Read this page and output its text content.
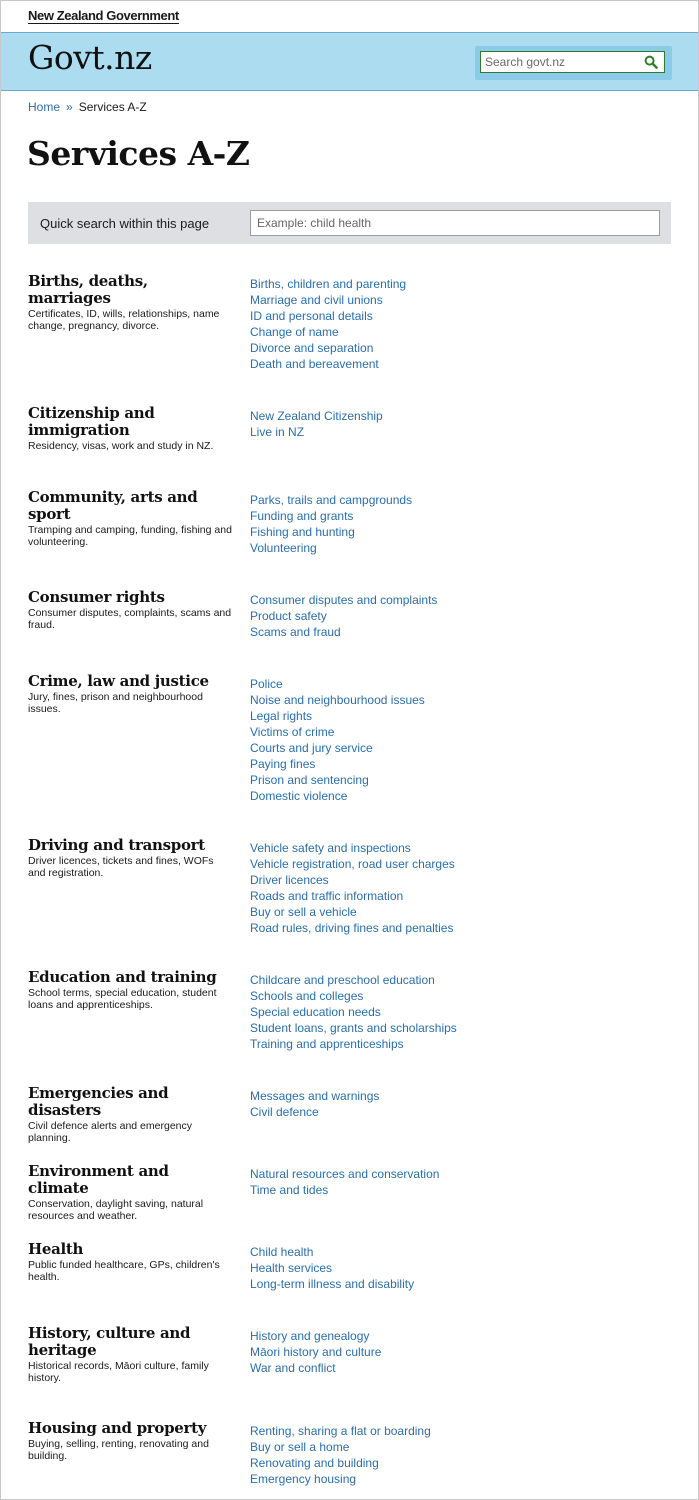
New Zealand Government
Govt.nz
Search govt.nz
Home » Services A-Z
Services A-Z
Quick search within this page
Example: child health
Births, deaths, marriages

Certificates, ID, wills, relationships, name change, pregnancy, divorce.

Births, children and parenting
Marriage and civil unions
ID and personal details
Change of name
Divorce and separation
Death and bereavement
Citizenship and immigration

Residency, visas, work and study in NZ.

New Zealand Citizenship
Live in NZ
Community, arts and sport

Tramping and camping, funding, fishing and volunteering.

Parks, trails and campgrounds
Funding and grants
Fishing and hunting
Volunteering
Consumer rights

Consumer disputes, complaints, scams and fraud.

Consumer disputes and complaints
Product safety
Scams and fraud
Crime, law and justice

Jury, fines, prison and neighbourhood issues.

Police
Noise and neighbourhood issues
Legal rights
Victims of crime
Courts and jury service
Paying fines
Prison and sentencing
Domestic violence
Driving and transport

Driver licences, tickets and fines, WOFs and registration.

Vehicle safety and inspections
Vehicle registration, road user charges
Driver licences
Roads and traffic information
Buy or sell a vehicle
Road rules, driving fines and penalties
Education and training

School terms, special education, student loans and apprenticeships.

Childcare and preschool education
Schools and colleges
Special education needs
Student loans, grants and scholarships
Training and apprenticeships
Emergencies and disasters

Civil defence alerts and emergency planning.

Messages and warnings
Civil defence
Environment and climate

Conservation, daylight saving, natural resources and weather.

Natural resources and conservation
Time and tides
Health

Public funded healthcare, GPs, children's health.

Child health
Health services
Long-term illness and disability
History, culture and heritage

Historical records, Māori culture, family history.

History and genealogy
Māori history and culture
War and conflict
Housing and property

Buying, selling, renting, renovating and building.

Renting, sharing a flat or boarding
Buy or sell a home
Renovating and building
Emergency housing
